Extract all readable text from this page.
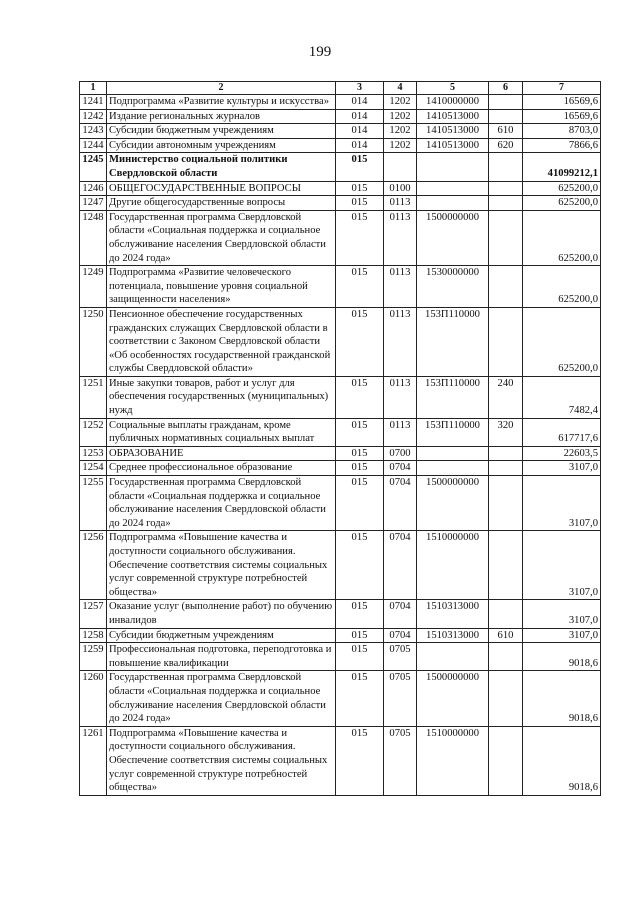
199
1	2	3	4	5	6	7
1241	Подпрограмма «Развитие культуры и искусства»	014	1202	1410000000		16569,6
1242	Издание региональных журналов	014	1202	1410513000		16569,6
1243	Субсидии бюджетным учреждениям	014	1202	1410513000	610	8703,0
1244	Субсидии автономным учреждениям	014	1202	1410513000	620	7866,6
1245	Министерство социальной политики Свердловской области	015				41099212,1
1246	ОБЩЕГОСУДАРСТВЕННЫЕ ВОПРОСЫ	015	0100			625200,0
1247	Другие общегосударственные вопросы	015	0113			625200,0
1248	Государственная программа Свердловской области «Социальная поддержка и социальное обслуживание населения Свердловской области до 2024 года»	015	0113	1500000000		625200,0
1249	Подпрограмма «Развитие человеческого потенциала, повышение уровня социальной защищенности населения»	015	0113	1530000000		625200,0
1250	Пенсионное обеспечение государственных гражданских служащих Свердловской области в соответствии с Законом Свердловской области «Об особенностях государственной гражданской службы Свердловской области»	015	0113	153П110000		625200,0
1251	Иные закупки товаров, работ и услуг для обеспечения государственных (муниципальных) нужд	015	0113	153П110000	240	7482,4
1252	Социальные выплаты гражданам, кроме публичных нормативных социальных выплат	015	0113	153П110000	320	617717,6
1253	ОБРАЗОВАНИЕ	015	0700			22603,5
1254	Среднее профессиональное образование	015	0704			3107,0
1255	Государственная программа Свердловской области «Социальная поддержка и социальное обслуживание населения Свердловской области до 2024 года»	015	0704	1500000000		3107,0
1256	Подпрограмма «Повышение качества и доступности социального обслуживания. Обеспечение соответствия системы социальных услуг современной структуре потребностей общества»	015	0704	1510000000		3107,0
1257	Оказание услуг (выполнение работ) по обучению инвалидов	015	0704	1510313000		3107,0
1258	Субсидии бюджетным учреждениям	015	0704	1510313000	610	3107,0
1259	Профессиональная подготовка, переподготовка и повышение квалификации	015	0705			9018,6
1260	Государственная программа Свердловской области «Социальная поддержка и социальное обслуживание населения Свердловской области до 2024 года»	015	0705	1500000000		9018,6
1261	Подпрограмма «Повышение качества и доступности социального обслуживания. Обеспечение соответствия системы социальных услуг современной структуре потребностей общества»	015	0705	1510000000		9018,6
